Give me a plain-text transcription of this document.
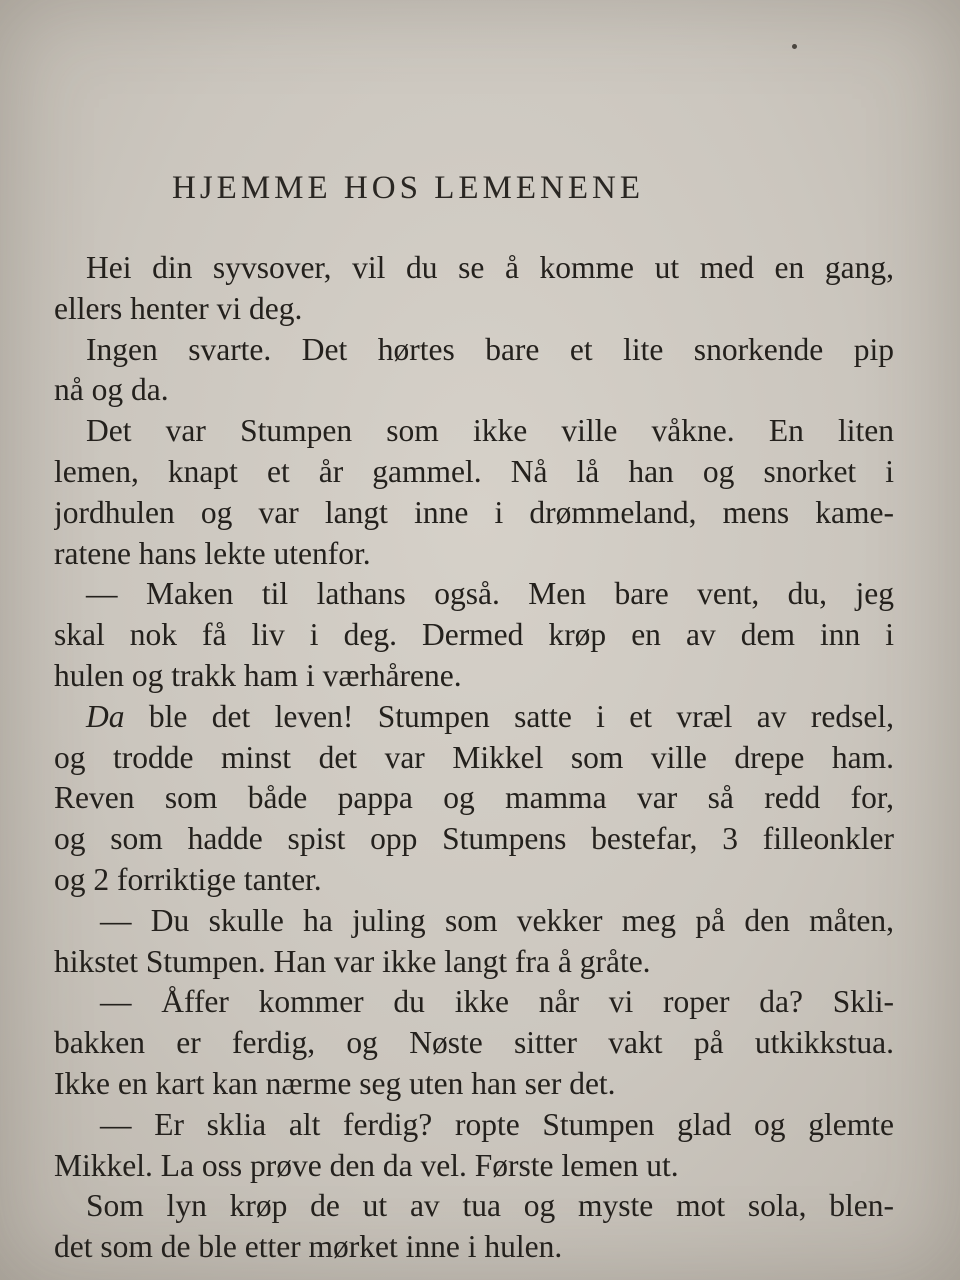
HJEMME HOS LEMENENE
Hei din syvsover, vil du se å komme ut med en gang,
ellers henter vi deg.
Ingen svarte. Det hørtes bare et lite snorkende pip
nå og da.
Det var Stumpen som ikke ville våkne. En liten
lemen, knapt et år gammel. Nå lå han og snorket i
jordhulen og var langt inne i drømmeland, mens kame-
ratene hans lekte utenfor.
— Maken til lathans også. Men bare vent, du, jeg
skal nok få liv i deg. Dermed krøp en av dem inn i
hulen og trakk ham i værhårene.
Da ble det leven! Stumpen satte i et vræl av redsel,
og trodde minst det var Mikkel som ville drepe ham.
Reven som både pappa og mamma var så redd for,
og som hadde spist opp Stumpens bestefar, 3 filleonkler
og 2 forriktige tanter.
— Du skulle ha juling som vekker meg på den måten,
hikstet Stumpen. Han var ikke langt fra å gråte.
— Åffer kommer du ikke når vi roper da? Skli-
bakken er ferdig, og Nøste sitter vakt på utkikkstua.
Ikke en kart kan nærme seg uten han ser det.
— Er sklia alt ferdig? ropte Stumpen glad og glemte
Mikkel. La oss prøve den da vel. Første lemen ut.
Som lyn krøp de ut av tua og myste mot sola, blen-
det som de ble etter mørket inne i hulen.
